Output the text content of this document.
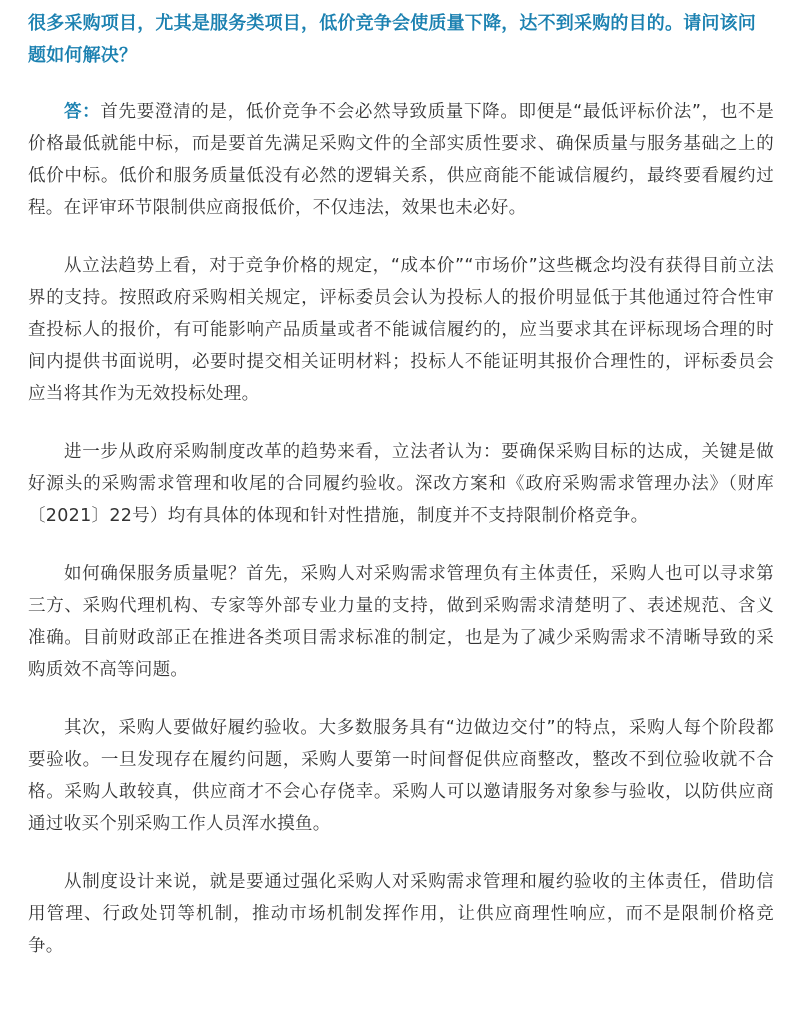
很多采购项目，尤其是服务类项目，低价竞争会使质量下降，达不到采购的目的。请问该问题如何解决？

答：首先要澄清的是，低价竞争不会必然导致质量下降。即便是“最低评标价法”，也不是价格最低就能中标，而是要首先满足采购文件的全部实质性要求、确保质量与服务基础之上的低价中标。低价和服务质量低没有必然的逻辑关系，供应商能不能诚信履约，最终要看履约过程。在评审环节限制供应商报低价，不仅违法，效果也未必好。

从立法趋势上看，对于竞争价格的规定，“成本价”“市场价”这些概念均没有获得目前立法界的支持。按照政府采购相关规定，评标委员会认为投标人的报价明显低于其他通过符合性审查投标人的报价，有可能影响产品质量或者不能诚信履约的，应当要求其在评标现场合理的时间内提供书面说明，必要时提交相关证明材料；投标人不能证明其报价合理性的，评标委员会应当将其作为无效投标处理。

进一步从政府采购制度改革的趋势来看，立法者认为：要确保采购目标的达成，关键是做好源头的采购需求管理和收尾的合同履约验收。深改方案和《政府采购需求管理办法》（财库〔2021〕22号）均有具体的体现和针对性措施，制度并不支持限制价格竞争。

如何确保服务质量呢？首先，采购人对采购需求管理负有主体责任，采购人也可以寻求第三方、采购代理机构、专家等外部专业力量的支持，做到采购需求清楚明了、表述规范、含义准确。目前财政部正在推进各类项目需求标准的制定，也是为了减少采购需求不清晰导致的采购质效不高等问题。

其次，采购人要做好履约验收。大多数服务具有“边做边交付”的特点，采购人每个阶段都要验收。一旦发现存在履约问题，采购人要第一时间督促供应商整改，整改不到位验收就不合格。采购人敢较真，供应商才不会心存侥幸。采购人可以邀请服务对象参与验收，以防供应商通过收买个别采购工作人员浑水摸鱼。

从制度设计来说，就是要通过强化采购人对采购需求管理和履约验收的主体责任，借助信用管理、行政处罚等机制，推动市场机制发挥作用，让供应商理性响应，而不是限制价格竞争。
